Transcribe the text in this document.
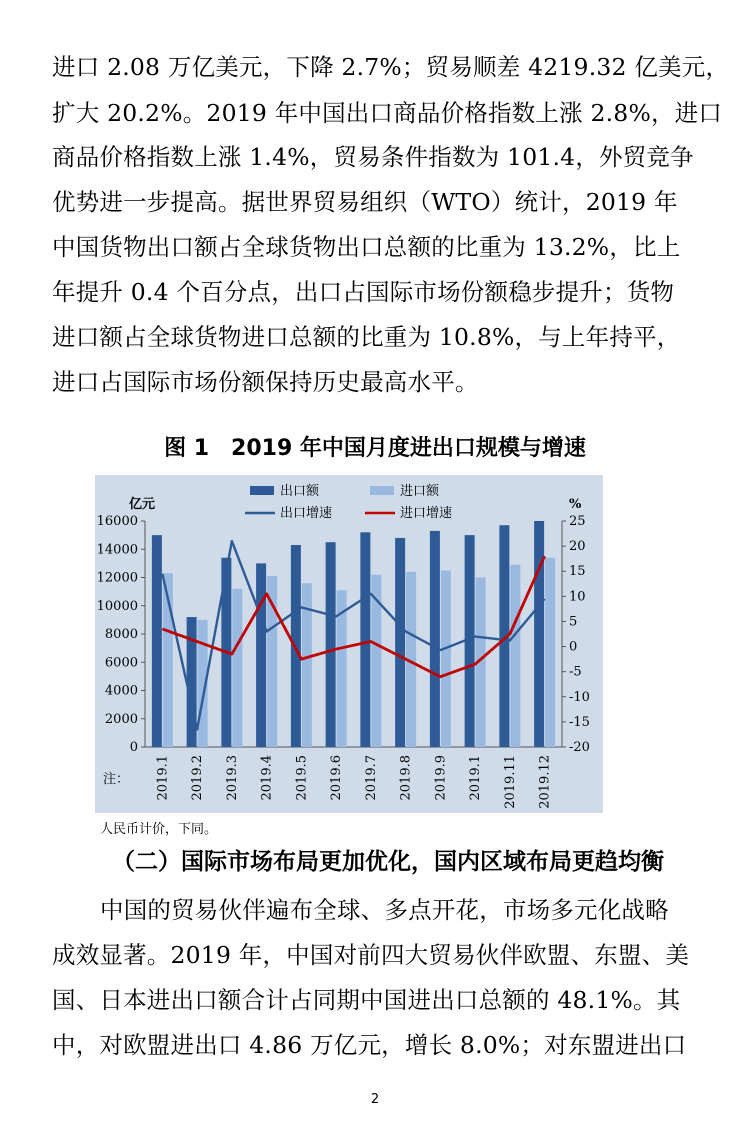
进口 2.08 万亿美元，下降 2.7%；贸易顺差 4219.32 亿美元，

扩大 20.2%。2019 年中国出口商品价格指数上涨 2.8%，进口

商品价格指数上涨 1.4%，贸易条件指数为 101.4，外贸竞争

优势进一步提高。据世界贸易组织（WTO）统计，2019 年

中国货物出口额占全球货物出口总额的比重为 13.2%，比上

年提升 0.4 个百分点，出口占国际市场份额稳步提升；货物

进口额占全球货物进口总额的比重为 10.8%，与上年持平，

进口占国际市场份额保持历史最高水平。

图 1　2019 年中国月度进出口规模与增速
0
2000
4000
6000
8000
10000
12000
14000
16000
-20
-15
-10
-5
0
5
10
15
20
25
亿元	%
2019.1 2019.2 2019.3 2019.4 2019.5 2019.6 2019.7 2019.8 2019.9 2019.1 2019.11 2019.12
注：
出口额	进口额
出口增速	进口增速
人民币计价，下同。
（二）国际市场布局更加优化，国内区域布局更趋均衡

中国的贸易伙伴遍布全球、多点开花，市场多元化战略

成效显著。2019 年，中国对前四大贸易伙伴欧盟、东盟、美

国、日本进出口额合计占同期中国进出口总额的 48.1%。其

中，对欧盟进出口 4.86 万亿元，增长 8.0%；对东盟进出口

2
